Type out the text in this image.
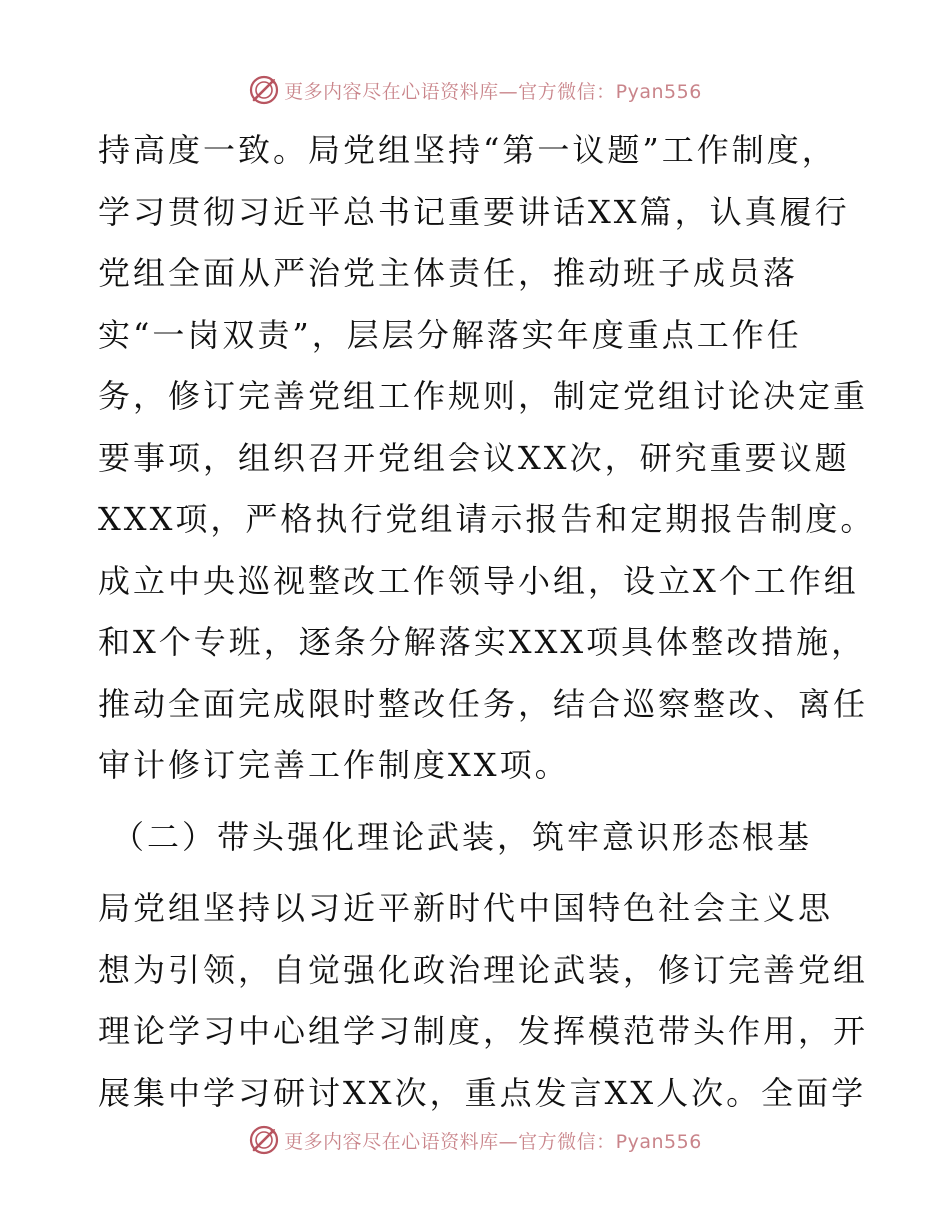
更多内容尽在心语资料库—官方微信：Pyan556
持高度一致。局党组坚持“第一议题”工作制度，
学习贯彻习近平总书记重要讲话XX篇，认真履行
党组全面从严治党主体责任，推动班子成员落
实“一岗双责”，层层分解落实年度重点工作任
务，修订完善党组工作规则，制定党组讨论决定重
要事项，组织召开党组会议XX次，研究重要议题
XXX项，严格执行党组请示报告和定期报告制度。
成立中央巡视整改工作领导小组，设立X个工作组
和X个专班，逐条分解落实XXX项具体整改措施，
推动全面完成限时整改任务，结合巡察整改、离任
审计修订完善工作制度XX项。
（二）带头强化理论武装，筑牢意识形态根基
局党组坚持以习近平新时代中国特色社会主义思
想为引领，自觉强化政治理论武装，修订完善党组
理论学习中心组学习制度，发挥模范带头作用，开
展集中学习研讨XX次，重点发言XX人次。全面学
更多内容尽在心语资料库—官方微信：Pyan556
